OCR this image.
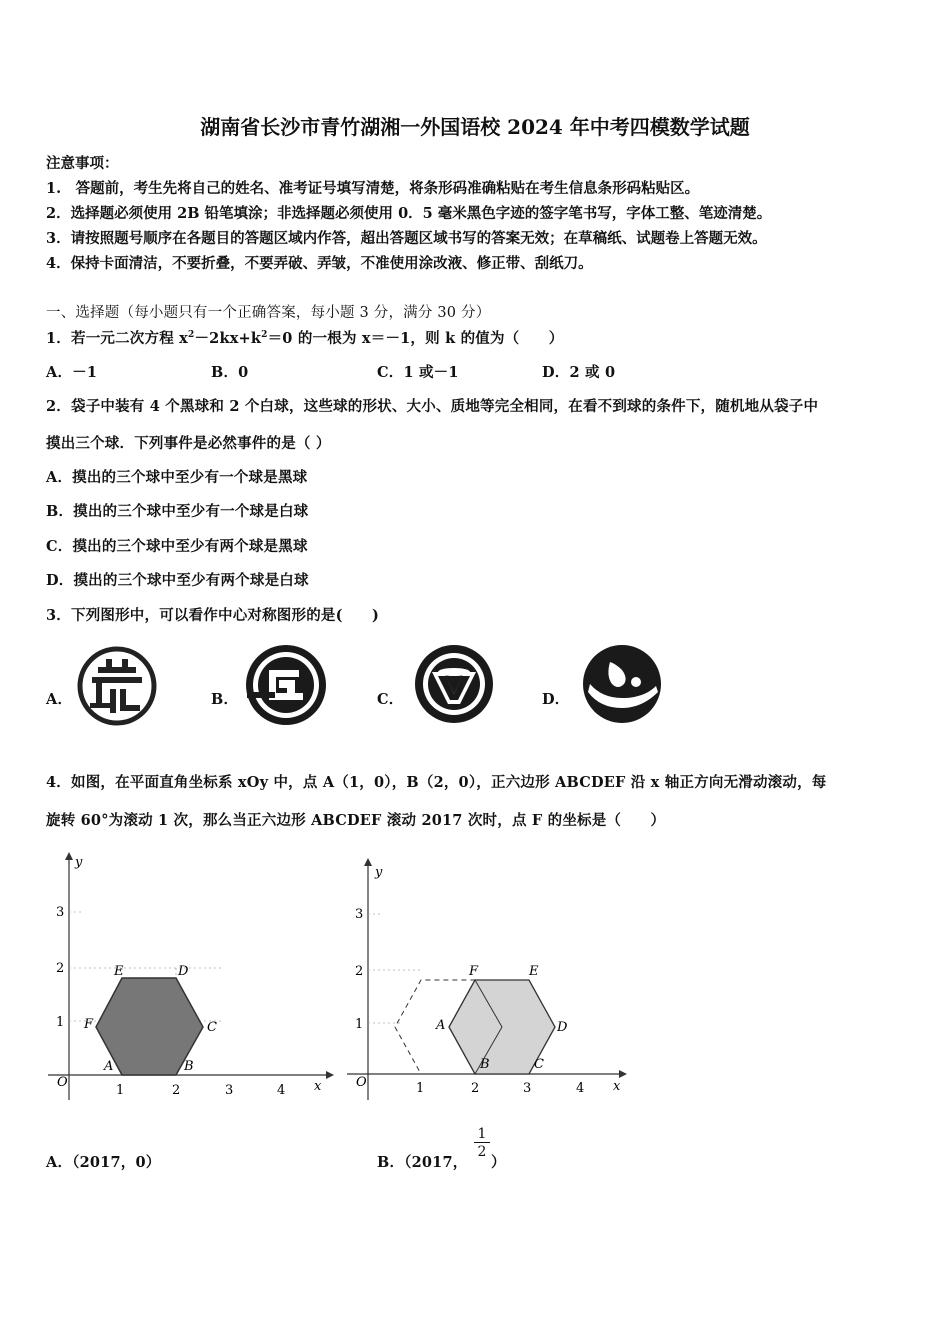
湖南省长沙市青竹湖湘一外国语校 2024 年中考四模数学试题
注意事项：
1.　答题前，考生先将自己的姓名、准考证号填写清楚，将条形码准确粘贴在考生信息条形码粘贴区。
2．选择题必须使用 2B 铅笔填涂；非选择题必须使用 0．5 毫米黑色字迹的签字笔书写，字体工整、笔迹清楚。
3．请按照题号顺序在各题目的答题区域内作答，超出答题区域书写的答案无效；在草稿纸、试题卷上答题无效。
4．保持卡面清洁，不要折叠，不要弄破、弄皱，不准使用涂改液、修正带、刮纸刀。
一、选择题（每小题只有一个正确答案，每小题 3 分，满分 30 分）
1．若一元二次方程 $x^2-2kx+k^2=0$ 的一根为 x＝－1，则 k 的值为（　　）
A．－1	B．0	C．1 或－1	D．2 或 0
2．袋子中装有 4 个黑球和 2 个白球，这些球的形状、大小、质地等完全相同，在看不到球的条件下，随机地从袋子中
摸出三个球．下列事件是必然事件的是（ ）
A．摸出的三个球中至少有一个球是黑球
B．摸出的三个球中至少有一个球是白球
C．摸出的三个球中至少有两个球是黑球
D．摸出的三个球中至少有两个球是白球
3．下列图形中，可以看作中心对称图形的是(　　)
A．	B．	C．	D．
4．如图，在平面直角坐标系 xOy 中，点 A（1，0），B（2，0），正六边形 ABCDEF 沿 x 轴正方向无滑动滚动，每
旋转 60°为滚动 1 次，那么当正六边形 ABCDEF 滚动 2017 次时，点 F 的坐标是（　　）
O
1	2	3	4 x
1
2
3
y
A	B
C
D
E
F
O	1	2	3	4 x
1
2
3
y
A
B	C
D
E
F
A．（2017，0）	B．（2017，
$\frac{1}{2}$
）
